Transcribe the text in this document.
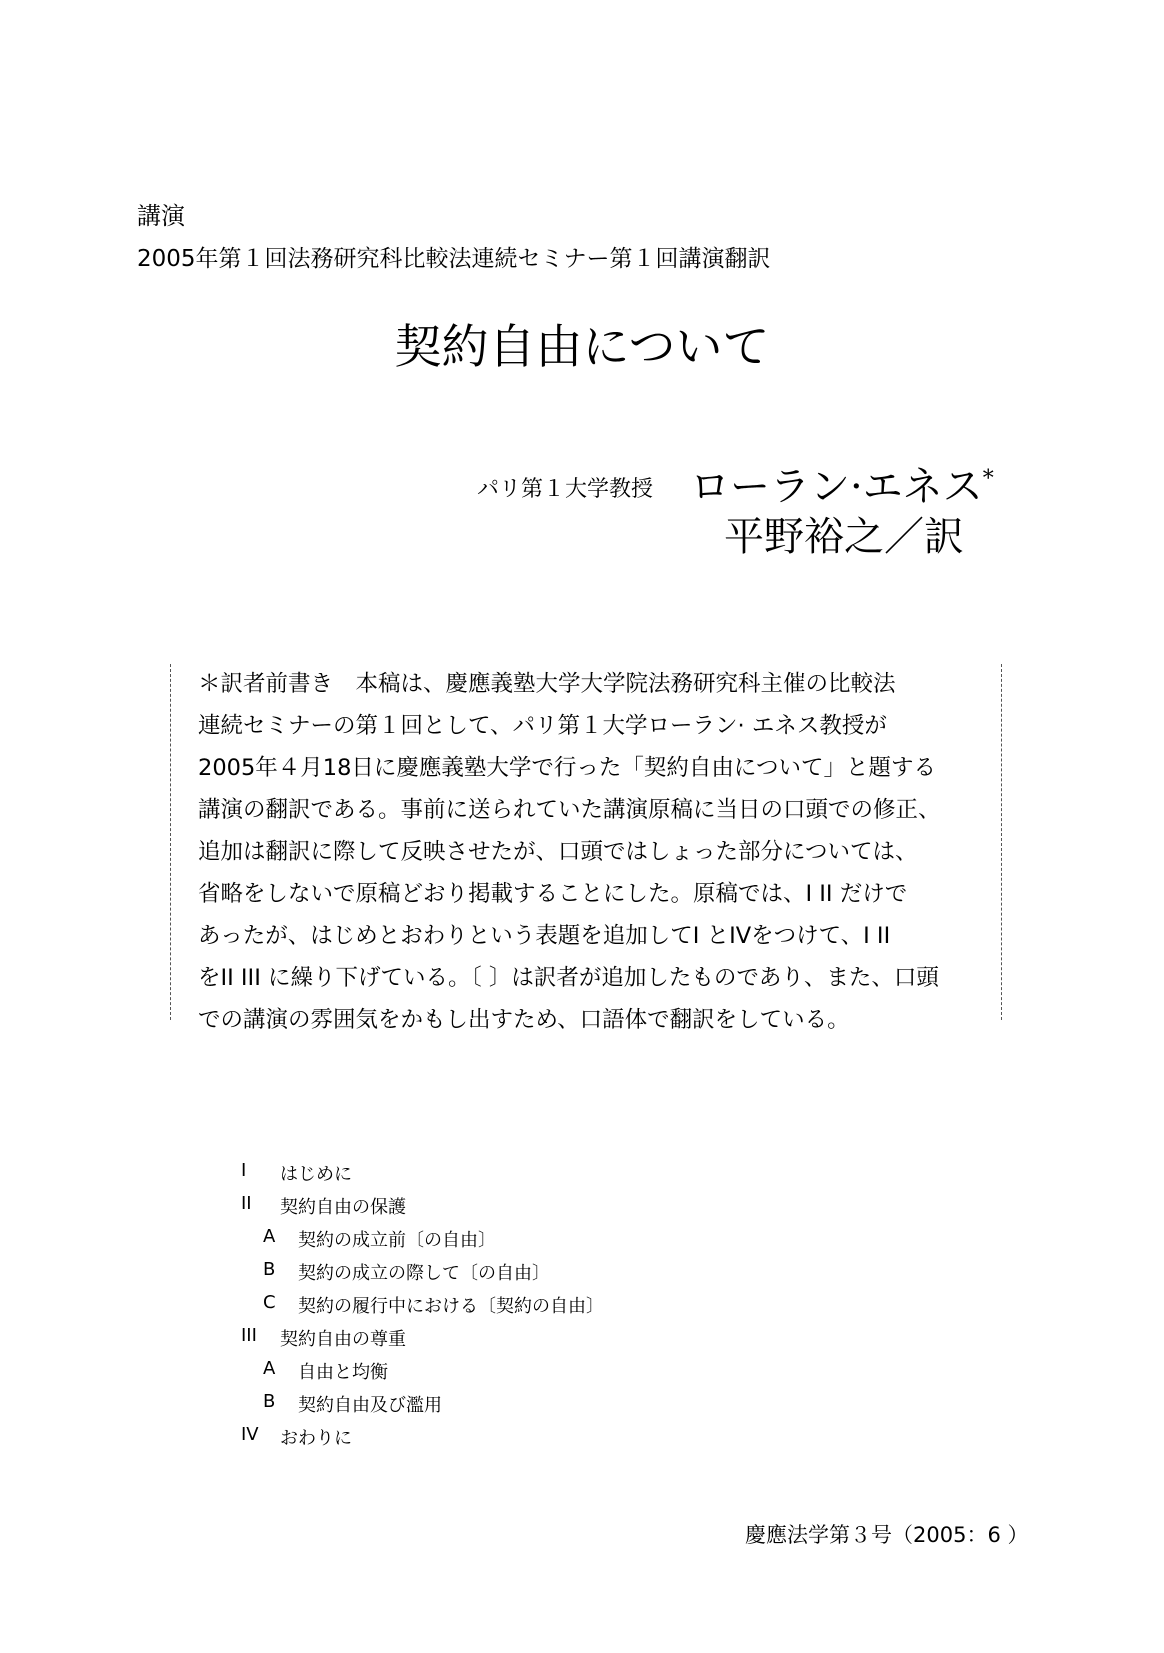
講演
2005年第１回法務研究科比較法連続セミナー第１回講演翻訳
契約自由について
パリ第１大学教授 ローラン·エネス*
平野裕之／訳
＊訳者前書き　本稿は、慶應義塾大学大学院法務研究科主催の比較法
連続セミナーの第１回として、パリ第１大学ローラン· エネス教授が
2005年４月18日に慶應義塾大学で行った「契約自由について」と題する
講演の翻訳である。事前に送られていた講演原稿に当日の口頭での修正、
追加は翻訳に際して反映させたが、口頭ではしょった部分については、
省略をしないで原稿どおり掲載することにした。原稿では、I II だけで
あったが、はじめとおわりという表題を追加してI とIVをつけて、I II
をII III に繰り下げている。〔 〕は訳者が追加したものであり、また、口頭
での講演の雰囲気をかもし出すため、口語体で翻訳をしている。
I はじめに
II 契約自由の保護
A 契約の成立前〔の自由〕
B 契約の成立の際して〔の自由〕
C 契約の履行中における〔契約の自由〕
III 契約自由の尊重
A 自由と均衡
B 契約自由及び濫用
IV おわりに
慶應法学第３号（2005：6 ）
